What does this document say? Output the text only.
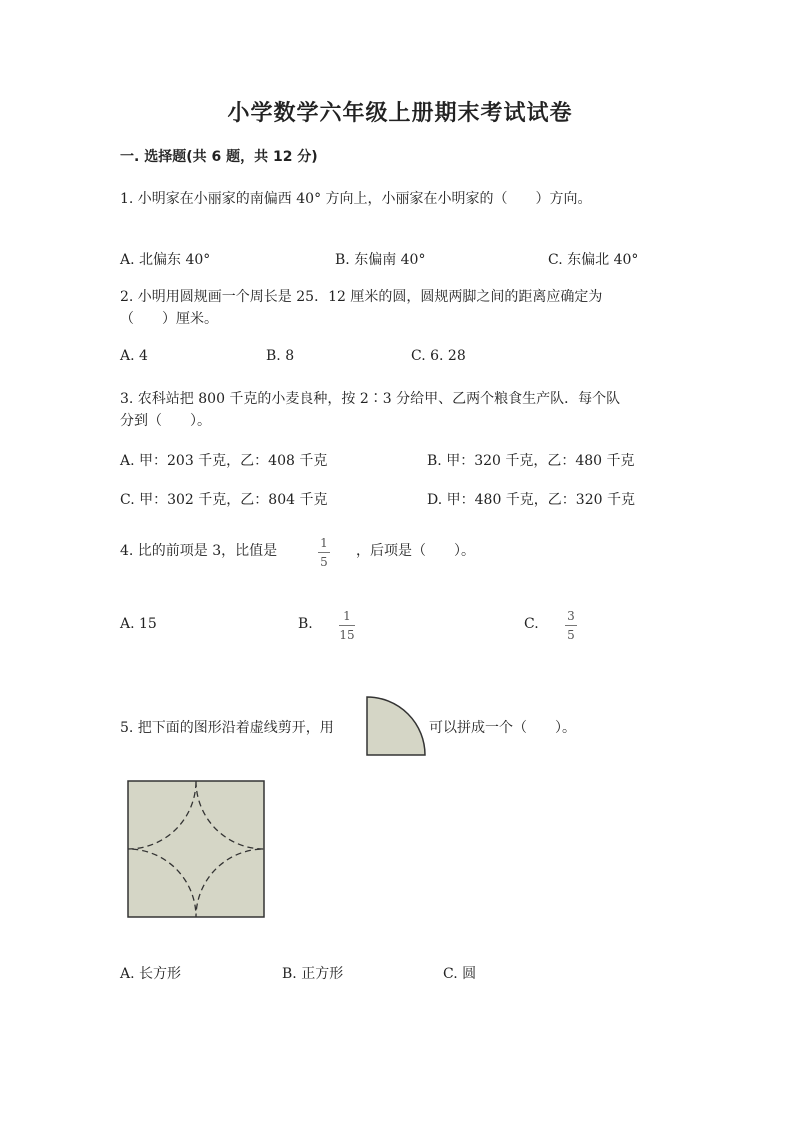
小学数学六年级上册期末考试试卷
一. 选择题(共 6 题，共 12 分)
1. 小明家在小丽家的南偏西 40° 方向上，小丽家在小明家的（　　）方向。
A. 北偏东 40°	B. 东偏南 40°	C. 东偏北 40°
2. 小明用圆规画一个周长是 25．12 厘米的圆，圆规两脚之间的距离应确定为
（　　）厘米。
A. 4	B. 8	C. 6. 28
3. 农科站把 800 千克的小麦良种，按 2∶3 分给甲、乙两个粮食生产队．每个队
分到（　　）。
A. 甲：203 千克，乙：408 千克	B. 甲：320 千克，乙：480 千克
C. 甲：302 千克，乙：804 千克	D. 甲：480 千克，乙：320 千克
4. 比的前项是 3，比值是	1
5
，后项是（　　）。
A. 15	B.	1
15
C. 3
5
5. 把下面的图形沿着虚线剪开，用	可以拼成一个（　　）。
A. 长方形	B. 正方形	C. 圆
